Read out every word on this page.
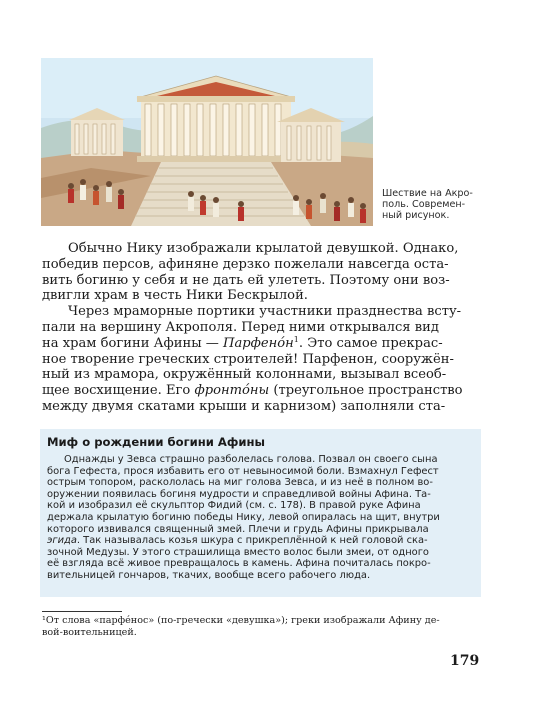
Шествие на Акро-
поль. Современ-
ный рисунок.
Обычно Нику изображали крылатой девушкой. Однако,
победив персов, афиняне дерзко пожелали навсегда оста-
вить богиню у себя и не дать ей улететь. Поэтому они воз-
двигли храм в честь Ники Бескрылой.
Через мраморные портики участники празднества всту-
пали на вершину Акрополя. Перед ними открывался вид
на храм богини Афины — Парфенóн$^1$. Это самое прекрас-
ное творение греческих строителей! Парфенон, сооружён-
ный из мрамора, окружённый колоннами, вызывал всеоб-
щее восхищение. Его фронтóны (треугольное пространство
между двумя скатами крыши и карнизом) заполняли ста-
Миф о рождении богини Афины
Однажды у Зевса страшно разболелась голова. Позвал он своего сына
бога Гефеста, прося избавить его от невыносимой боли. Взмахнул Гефест
острым топором, раскололась на миг голова Зевса, и из неё в полном во-
оружении появилась богиня мудрости и справедливой войны Афина. Та-
кой и изобразил её скульптор Фидий (см. с. 178). В правой руке Афина
держала крылатую богиню победы Нику, левой опиралась на щит, внутри
которого извивался священный змей. Плечи и грудь Афины прикрывала
эгида. Так называлась козья шкура с прикреплённой к ней головой ска-
зочной Медузы. У этого страшилища вместо волос были змеи, от одного
её взгляда всё живое превращалось в камень. Афина почиталась покро-
вительницей гончаров, ткачих, вообще всего рабочего люда.
¹От слова «парфéнос» (по-гречески «девушка»); греки изображали Афину де-
вой-воительницей.
179
